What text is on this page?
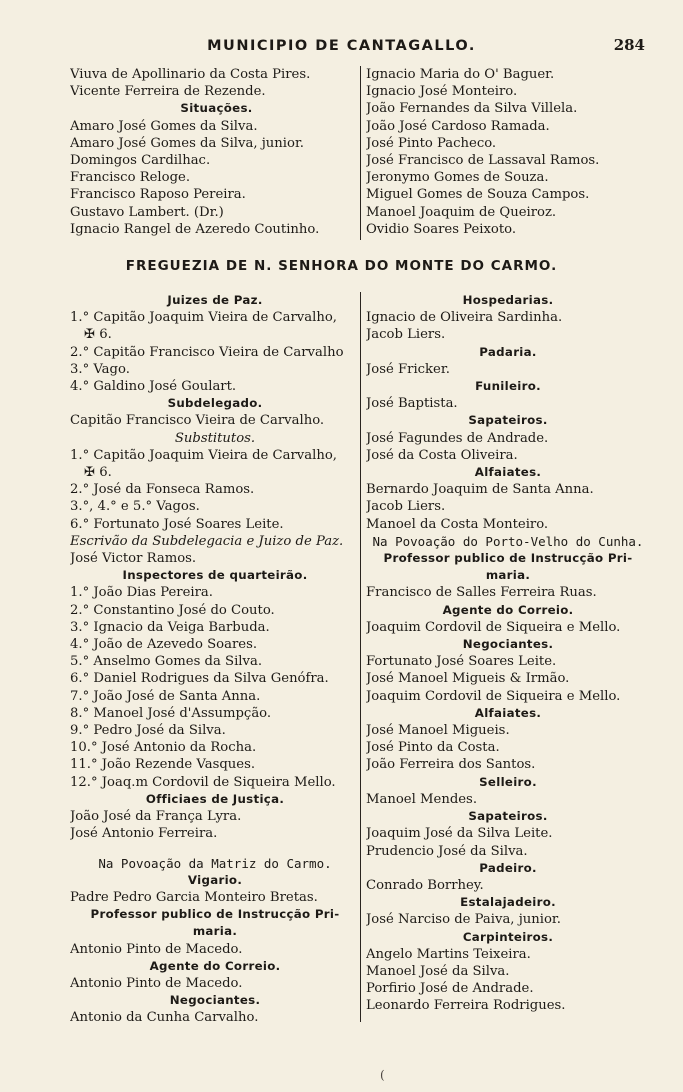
MUNICIPIO DE CANTAGALLO.	284
Viuva de Apollinario da Costa Pires.
Vicente Ferreira de Rezende.
Situações.
Amaro José Gomes da Silva.
Amaro José Gomes da Silva, junior.
Domingos Cardilhac.
Francisco Reloge.
Francisco Raposo Pereira.
Gustavo Lambert. (Dr.)
Ignacio Rangel de Azeredo Coutinho.
Ignacio Maria do O' Baguer.
Ignacio José Monteiro.
João Fernandes da Silva Villela.
João José Cardoso Ramada.
José Pinto Pacheco.
José Francisco de Lassaval Ramos.
Jeronymo Gomes de Souza.
Miguel Gomes de Souza Campos.
Manoel Joaquim de Queiroz.
Ovidio Soares Peixoto.
FREGUEZIA DE N. SENHORA DO MONTE DO CARMO.
Juizes de Paz.
1.° Capitão Joaquim Vieira de Carvalho,
✠ 6.
2.° Capitão Francisco Vieira de Carvalho
3.° Vago.
4.° Galdino José Goulart.
Subdelegado.
Capitão Francisco Vieira de Carvalho.
Substitutos.
1.° Capitão Joaquim Vieira de Carvalho,
✠ 6.
2.° José da Fonseca Ramos.
3.°, 4.° e 5.° Vagos.
6.° Fortunato José Soares Leite.
Escrivão da Subdelegacia e Juizo de Paz.
José Victor Ramos.
Inspectores de quarteirão.
1.° João Dias Pereira.
2.° Constantino José do Couto.
3.° Ignacio da Veiga Barbuda.
4.° João de Azevedo Soares.
5.° Anselmo Gomes da Silva.
6.° Daniel Rodrigues da Silva Genófra.
7.° João José de Santa Anna.
8.° Manoel José d'Assumpção.
9.° Pedro José da Silva.
10.° José Antonio da Rocha.
11.° João Rezende Vasques.
12.° Joaq.m Cordovil de Siqueira Mello.
Officiaes de Justiça.
João José da França Lyra.
José Antonio Ferreira.
Na Povoação da Matriz do Carmo.
Vigario.
Padre Pedro Garcia Monteiro Bretas.
Professor publico de Instrucção Pri-
maria.
Antonio Pinto de Macedo.
Agente do Correio.
Antonio Pinto de Macedo.
Negociantes.
Antonio da Cunha Carvalho.
Hospedarias.
Ignacio de Oliveira Sardinha.
Jacob Liers.
Padaria.
José Fricker.
Funileiro.
José Baptista.
Sapateiros.
José Fagundes de Andrade.
José da Costa Oliveira.
Alfaiates.
Bernardo Joaquim de Santa Anna.
Jacob Liers.
Manoel da Costa Monteiro.
Na Povoação do Porto-Velho do Cunha.
Professor publico de Instrucção Pri-
maria.
Francisco de Salles Ferreira Ruas.
Agente do Correio.
Joaquim Cordovil de Siqueira e Mello.
Negociantes.
Fortunato José Soares Leite.
José Manoel Migueis & Irmão.
Joaquim Cordovil de Siqueira e Mello.
Alfaiates.
José Manoel Migueis.
José Pinto da Costa.
João Ferreira dos Santos.
Selleiro.
Manoel Mendes.
Sapateiros.
Joaquim José da Silva Leite.
Prudencio José da Silva.
Padeiro.
Conrado Borrhey.
Estalajadeiro.
José Narciso de Paiva, junior.
Carpinteiros.
Angelo Martins Teixeira.
Manoel José da Silva.
Porfirio José de Andrade.
Leonardo Ferreira Rodrigues.
(
